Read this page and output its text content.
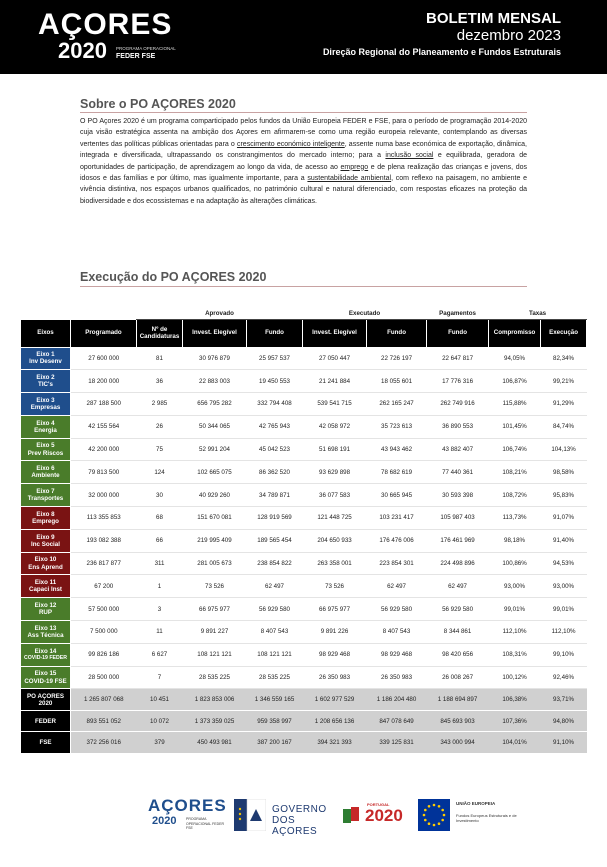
AÇORES
2020 PROGRAMA OPERACIONAL
FEDER FSE
BOLETIM MENSAL
dezembro 2023
Direção Regional do Planeamento e Fundos Estruturais
Sobre o PO AÇORES 2020
O PO Açores 2020 é um programa comparticipado pelos fundos da União Europeia FEDER e FSE, para o período de programação 2014-2020 cuja visão estratégica assenta na ambição dos Açores em afirmarem-se como uma região europeia relevante, contemplando as diversas vertentes das políticas públicas orientadas para o crescimento económico inteligente, assente numa base económica de exportação, dinâmica, integrada e diversificada, ultrapassando os constrangimentos do mercado interno; para a inclusão social e equilibrada, geradora de oportunidades de participação, de aprendizagem ao longo da vida, de acesso ao emprego e de plena realização das crianças e jovens, dos idosos e das famílias e por último, mas igualmente importante, para a sustentabilidade ambiental, com reflexo na paisagem, no ambiente e vivência distintiva, nos espaços urbanos qualificados, no património cultural e natural diferenciado, com respostas eficazes na proteção da biodiversidade e dos ecossistemas e na adaptação às alterações climáticas.
Execução do PO AÇORES 2020
		Aprovado			Executado		Pagamentos	Taxas	
Eixos	Programado	Nº de Candidaturas	Invest. Elegível	Fundo	Invest. Elegível	Fundo	Fundo	Compromisso	Execução

Eixo 1
Inv Desenv	27 600 000	81	30 976 879	25 957 537	27 050 447	22 726 197	22 647 817	94,05%	82,34%

Eixo 2
TIC's	18 200 000	36	22 883 003	19 450 553	21 241 884	18 055 601	17 776 316	106,87%	99,21%

Eixo 3
Empresas	287 188 500	2 985	656 795 282	332 794 408	539 541 715	262 165 247	262 749 916	115,88%	91,29%

Eixo 4
Energia	42 155 564	26	50 344 065	42 765 943	42 058 972	35 723 613	36 890 553	101,45%	84,74%

Eixo 5
Prev Riscos	42 200 000	75	52 991 204	45 042 523	51 698 191	43 943 462	43 882 407	106,74%	104,13%

Eixo 6
Ambiente	79 813 500	124	102 665 075	86 362 520	93 629 898	78 682 619	77 440 361	108,21%	98,58%

Eixo 7
Transportes	32 000 000	30	40 929 260	34 789 871	36 077 583	30 665 945	30 593 398	108,72%	95,83%

Eixo 8
Emprego	113 355 853	68	151 670 081	128 919 569	121 448 725	103 231 417	105 987 403	113,73%	91,07%

Eixo 9
Inc Social	193 082 388	66	219 995 409	189 565 454	204 650 933	176 476 006	176 461 969	98,18%	91,40%

Eixo 10
Ens Aprend	236 817 877	311	281 005 673	238 854 822	263 358 001	223 854 301	224 498 896	100,86%	94,53%

Eixo 11
Capaci Inst	67 200	1	73 526	62 497	73 526	62 497	62 497	93,00%	93,00%

Eixo 12
RUP	57 500 000	3	66 975 977	56 929 580	66 975 977	56 929 580	56 929 580	99,01%	99,01%

Eixo 13
Ass Técnica	7 500 000	11	9 891 227	8 407 543	9 891 226	8 407 543	8 344 861	112,10%	112,10%

Eixo 14
COVID-19 FEDER	99 826 186	6 627	108 121 121	108 121 121	98 929 468	98 929 468	98 420 656	108,31%	99,10%

Eixo 15
COVID-19 FSE	28 500 000	7	28 535 225	28 535 225	26 350 983	26 350 983	26 008 267	100,12%	92,46%

PO AÇORES
2020	1 265 807 068	10 451	1 823 853 006	1 346 559 165	1 602 977 529	1 186 204 480	1 188 694 897	106,38%	93,71%

FEDER	893 551 052	10 072	1 373 359 025	959 358 997	1 208 656 136	847 078 649	845 693 903	107,36%	94,80%

FSE	372 256 016	379	450 493 981	387 200 167	394 321 393	339 125 831	343 000 994	104,01%	91,10%
AÇORES
2020	PROGRAMA OPERACIONAL FEDER FSE
GOVERNO
DOS AÇORES
PORTUGAL
2020
UNIÃO EUROPEIA
Fundos Europeus Estruturais e de Investimento
